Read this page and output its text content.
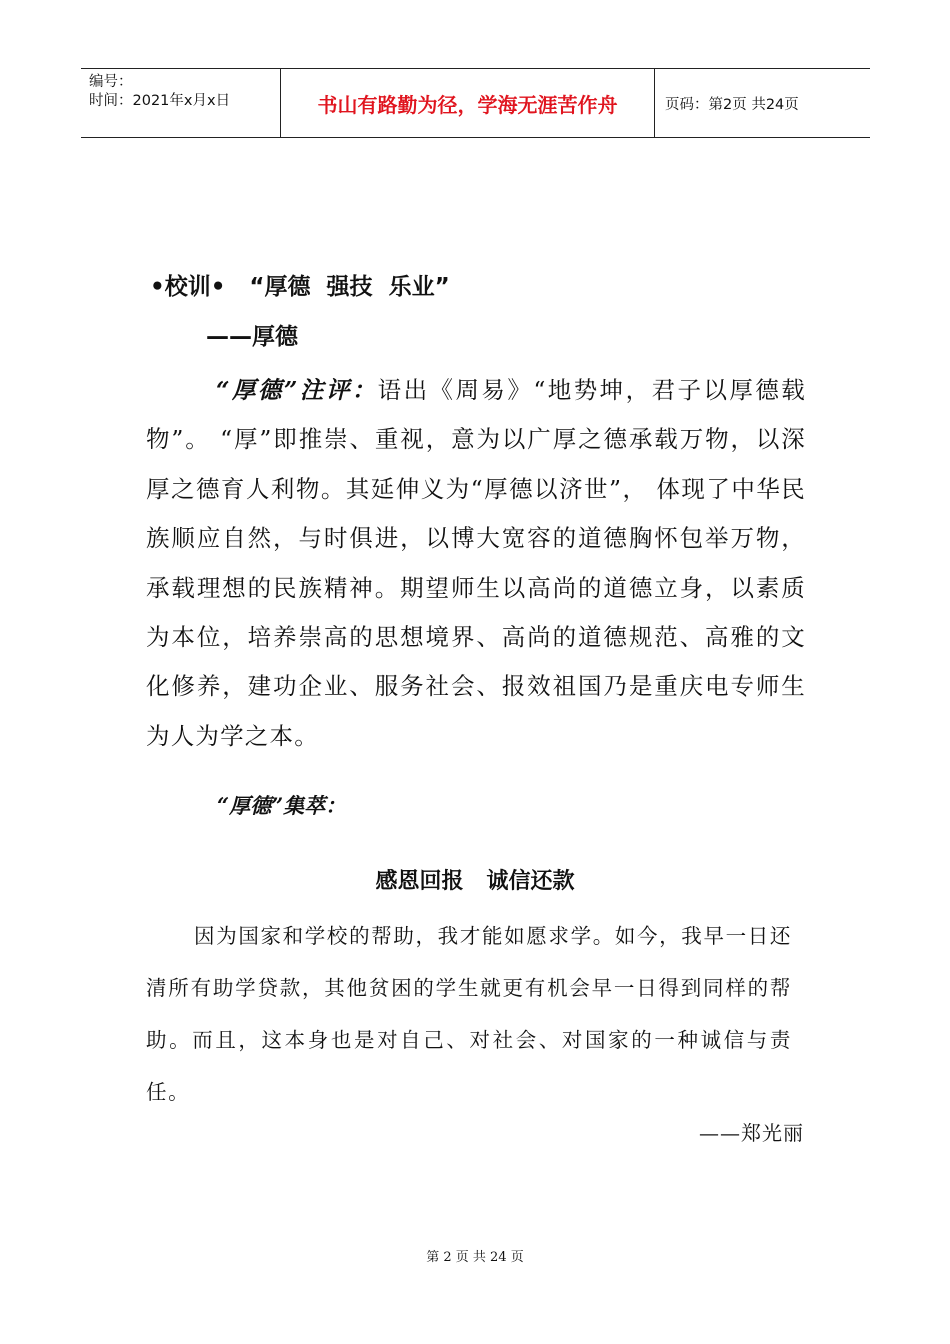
编号：
时间：2021年x月x日	书山有路勤为径，学海无涯苦作舟	页码：第2页 共24页
•校训•   “厚德  强技  乐业”
——厚德
“厚德”注评：语出《周易》“地势坤，君子以厚德载物”。 “厚”即推崇、重视，意为以广厚之德承载万物，以深厚之德育人利物。其延伸义为“厚德以济世”， 体现了中华民族顺应自然，与时俱进，以博大宽容的道德胸怀包举万物，承载理想的民族精神。期望师生以高尚的道德立身，以素质为本位，培养崇高的思想境界、高尚的道德规范、高雅的文化修养，建功企业、服务社会、报效祖国乃是重庆电专师生为人为学之本。
“厚德”集萃：
感恩回报   诚信还款
因为国家和学校的帮助，我才能如愿求学。如今，我早一日还清所有助学贷款，其他贫困的学生就更有机会早一日得到同样的帮助。而且，这本身也是对自己、对社会、对国家的一种诚信与责任。
——郑光丽
第 2 页 共 24 页
